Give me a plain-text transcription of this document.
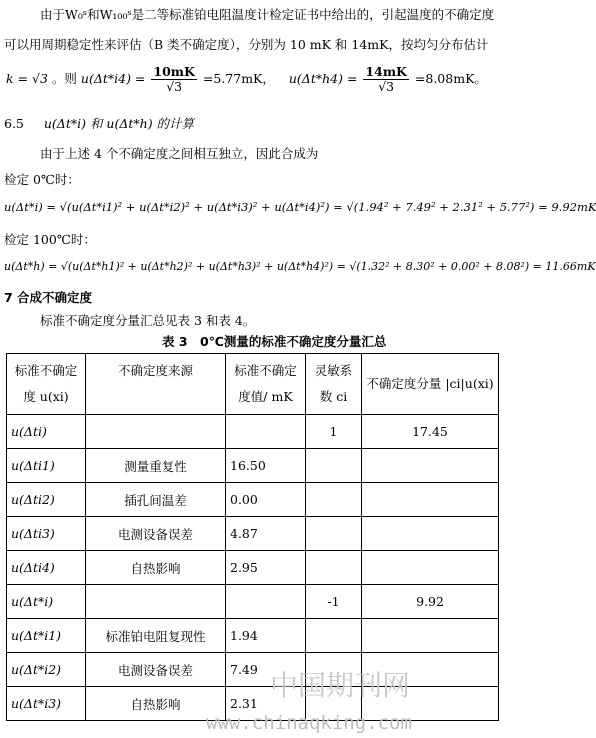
由于W₀ˢ和W₁₀₀ˢ是二等标准铂电阻温度计检定证书中给出的，引起温度的不确定度
可以用周期稳定性来评估（B 类不确定度），分别为 10 mK 和 14mK，按均匀分布估计
k = √3 。则 $u(\Delta t*i4) = \frac{10mK}{√3} =5.77mK$， $u(\Delta t*h4) = \frac{14mK}{√3} =8.08mK$。
6.5 u(Δt*i) 和 u(Δt*h) 的计算
由于上述 4 个不确定度之间相互独立，因此合成为
检定 0℃时：
u(Δt*i) = √(u(Δt*i1)² + u(Δt*i2)² + u(Δt*i3)² + u(Δt*i4)²) = √(1.94² + 7.49² + 2.31² + 5.77²) = 9.92mK
检定 100℃时：
u(Δt*h) = √(u(Δt*h1)² + u(Δt*h2)² + u(Δt*h3)² + u(Δt*h4)²) = √(1.32² + 8.30² + 0.00² + 8.08²) = 11.66mK
7 合成不确定度
标准不确定度分量汇总见表 3 和表 4。
表 3　0℃测量的标准不确定度分量汇总
标准不确定度 u(xi)	不确定度来源	标准不确定度值/ mK	灵敏系数 ci	不确定度分量 |ci|u(xi)
u(Δti)			1	17.45
u(Δti1)	测量重复性	16.50		
u(Δti2)	插孔间温差	0.00		
u(Δti3)	电测设备误差	4.87		
u(Δti4)	自热影响	2.95		
u(Δt*i)			-1	9.92
u(Δt*i1)	标准铂电阻复现性	1.94		
u(Δt*i2)	电测设备误差	7.49		
u(Δt*i3)	自热影响	2.31		
中国期刊网
www.chinaqking.com
